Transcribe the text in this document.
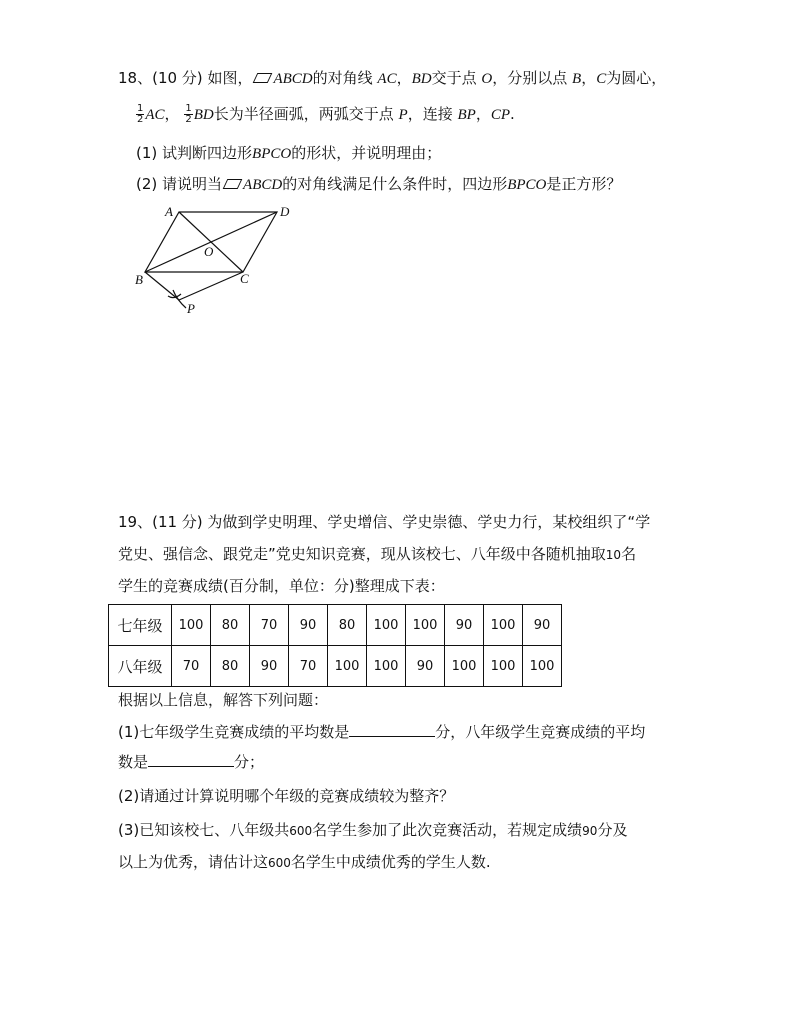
18、(10 分) 如图， ABCD的对角线 AC，BD交于点 O，分别以点 B，C为圆心，
$\frac{1}{2}$ AC， $\frac{1}{2}$ BD长为半径画弧，两弧交于点 P，连接 BP，CP.
(1) 试判断四边形BPCO的形状，并说明理由；
(2) 请说明当 ABCD的对角线满足什么条件时，四边形BPCO是正方形？
A	D
O
B	C
P
19、(11 分) 为做到学史明理、学史增信、学史崇德、学史力行，某校组织了“学
党史、强信念、跟党走”党史知识竞赛，现从该校七、八年级中各随机抽取10名
学生的竞赛成绩(百分制，单位：分)整理成下表：
七年级	100	80	70	90	80	100	100	90	100	90
八年级	70	80	90	70	100	100	90	100	100	100
根据以上信息，解答下列问题：
(1)七年级学生竞赛成绩的平均数是	分，八年级学生竞赛成绩的平均
数是	分；
(2)请通过计算说明哪个年级的竞赛成绩较为整齐？
(3)已知该校七、八年级共600名学生参加了此次竞赛活动，若规定成绩90分及
以上为优秀，请估计这600名学生中成绩优秀的学生人数.
